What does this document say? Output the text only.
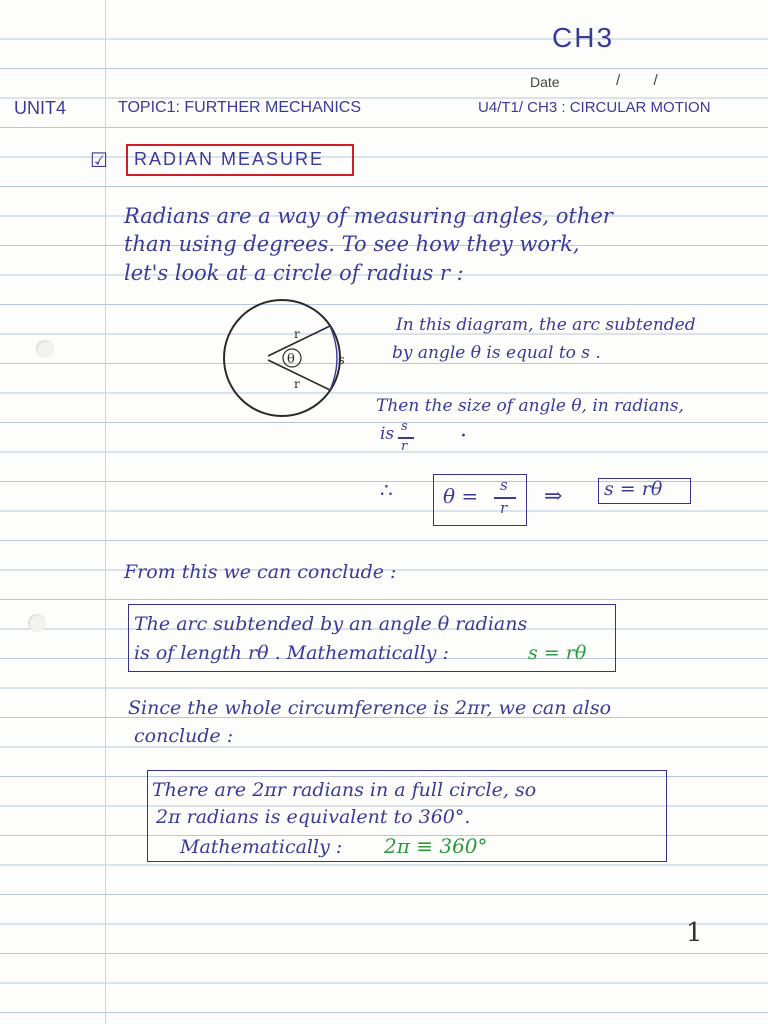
CH3
Date	/        /
UNIT4	TOPIC1: FURTHER MECHANICS	U4/T1/ CH3 : CIRCULAR MOTION
☑ RADIAN MEASURE
Radians are a way of measuring angles, other
than using degrees. To see how they work,
let's look at a circle of radius r :
θ
r
r
s
In this diagram, the arc subtended
by angle θ is equal to s .
Then the size of angle θ, in radians,
is s
r ·
∴	θ = s
r ⇒ s = rθ
From this we can conclude :
The arc subtended by an angle θ radians
is of length rθ . Mathematically :	s = rθ
Since the whole circumference is 2πr, we can also
conclude :
There are 2πr radians in a full circle, so
2π radians is equivalent to 360°.
Mathematically : 2π ≡ 360°
1
